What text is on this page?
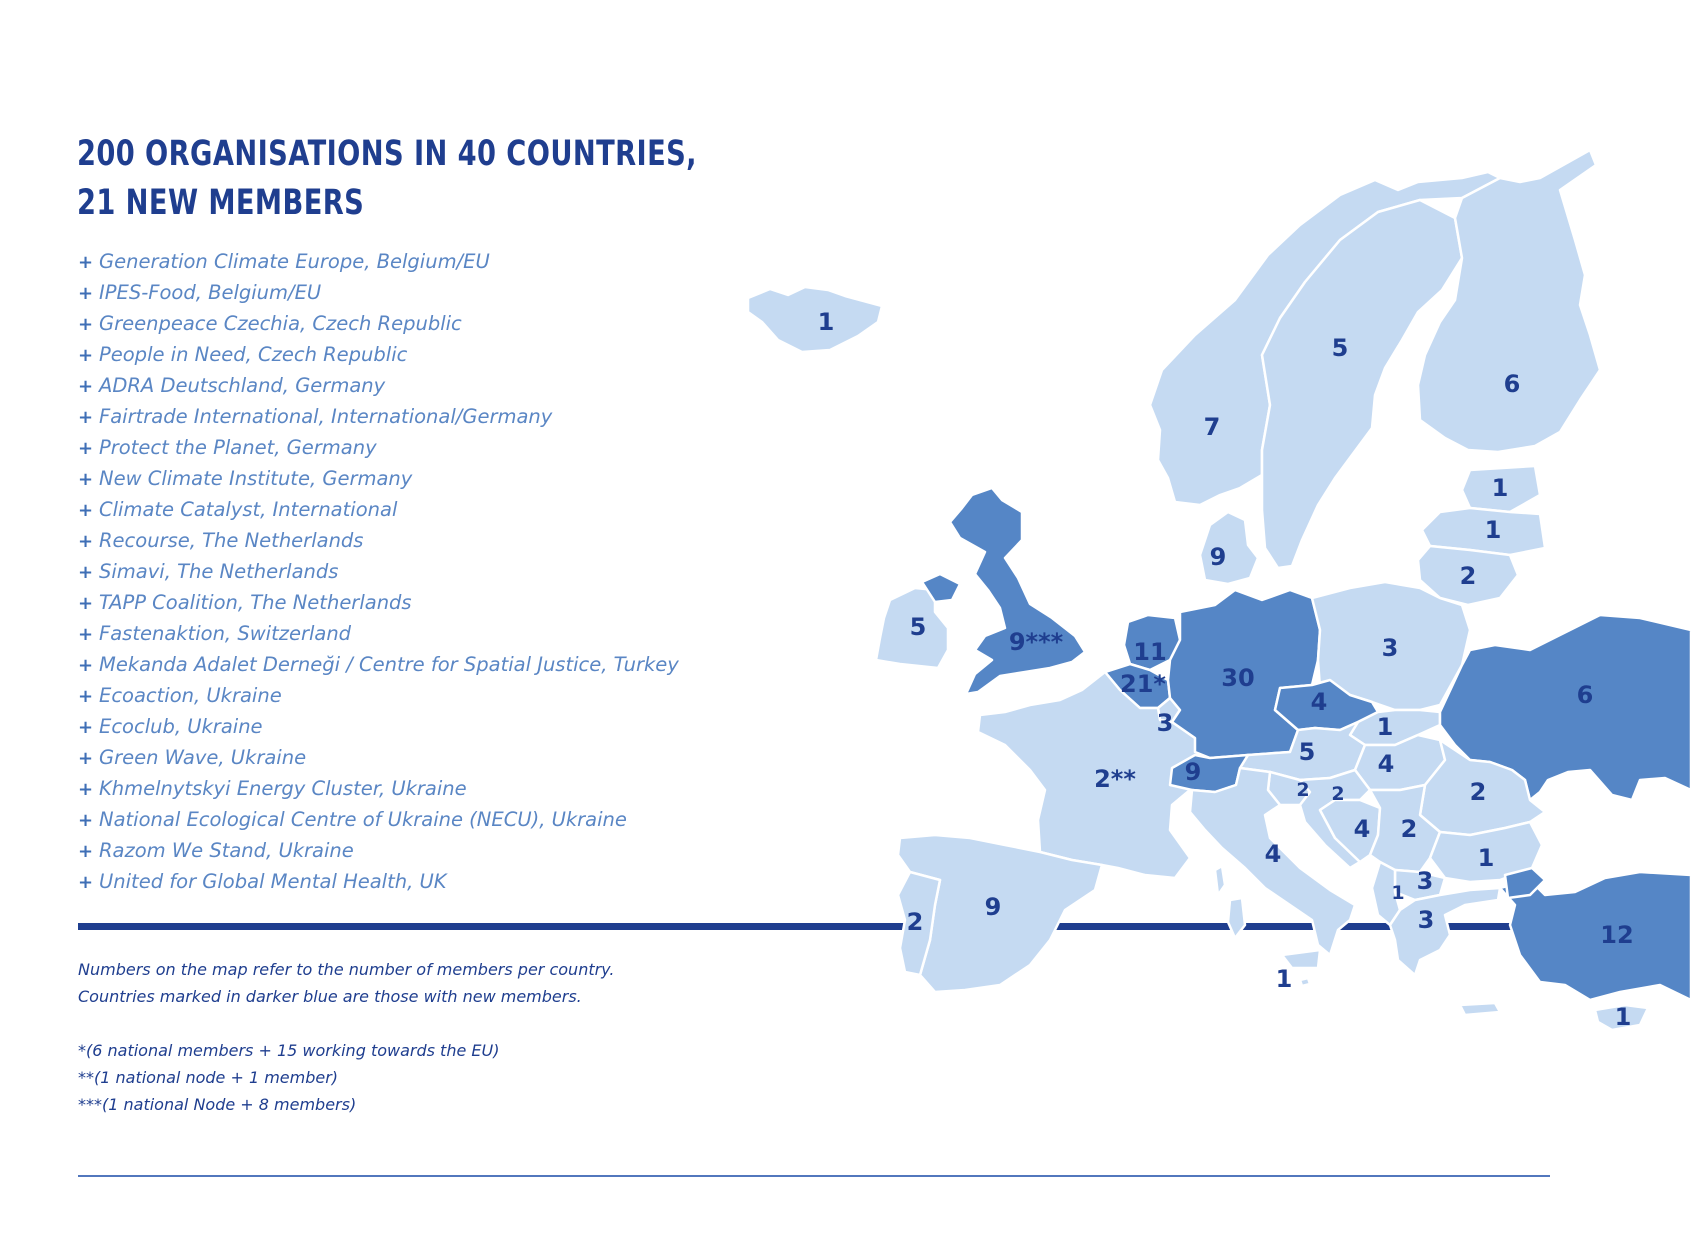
200 ORGANISATIONS IN 40 COUNTRIES,
21 NEW MEMBERS
+ Generation Climate Europe, Belgium/EU
+ IPES-Food, Belgium/EU
+ Greenpeace Czechia, Czech Republic
+ People in Need, Czech Republic
+ ADRA Deutschland, Germany
+ Fairtrade International, International/Germany
+ Protect the Planet, Germany
+ New Climate Institute, Germany
+ Climate Catalyst, International
+ Recourse, The Netherlands
+ Simavi, The Netherlands
+ TAPP Coalition, The Netherlands
+ Fastenaktion, Switzerland
+ Mekanda Adalet Derneği / Centre for Spatial Justice, Turkey
+ Ecoaction, Ukraine
+ Ecoclub, Ukraine
+ Green Wave, Ukraine
+ Khmelnytskyi Energy Cluster, Ukraine
+ National Ecological Centre of Ukraine (NECU), Ukraine
+ Razom We Stand, Ukraine
+ United for Global Mental Health, UK
1
7
5
6
1
1
2
9
5
9***	11
21*
3
30
3
4
1
5	4
9
2**
6
2
2 2
4 2
1
3
1
3
4
1
9
2	12
1
Numbers on the map refer to the number of members per country.
Countries marked in darker blue are those with new members.
*(6 national members + 15 working towards the EU)
**(1 national node + 1 member)
***(1 national Node + 8 members)
